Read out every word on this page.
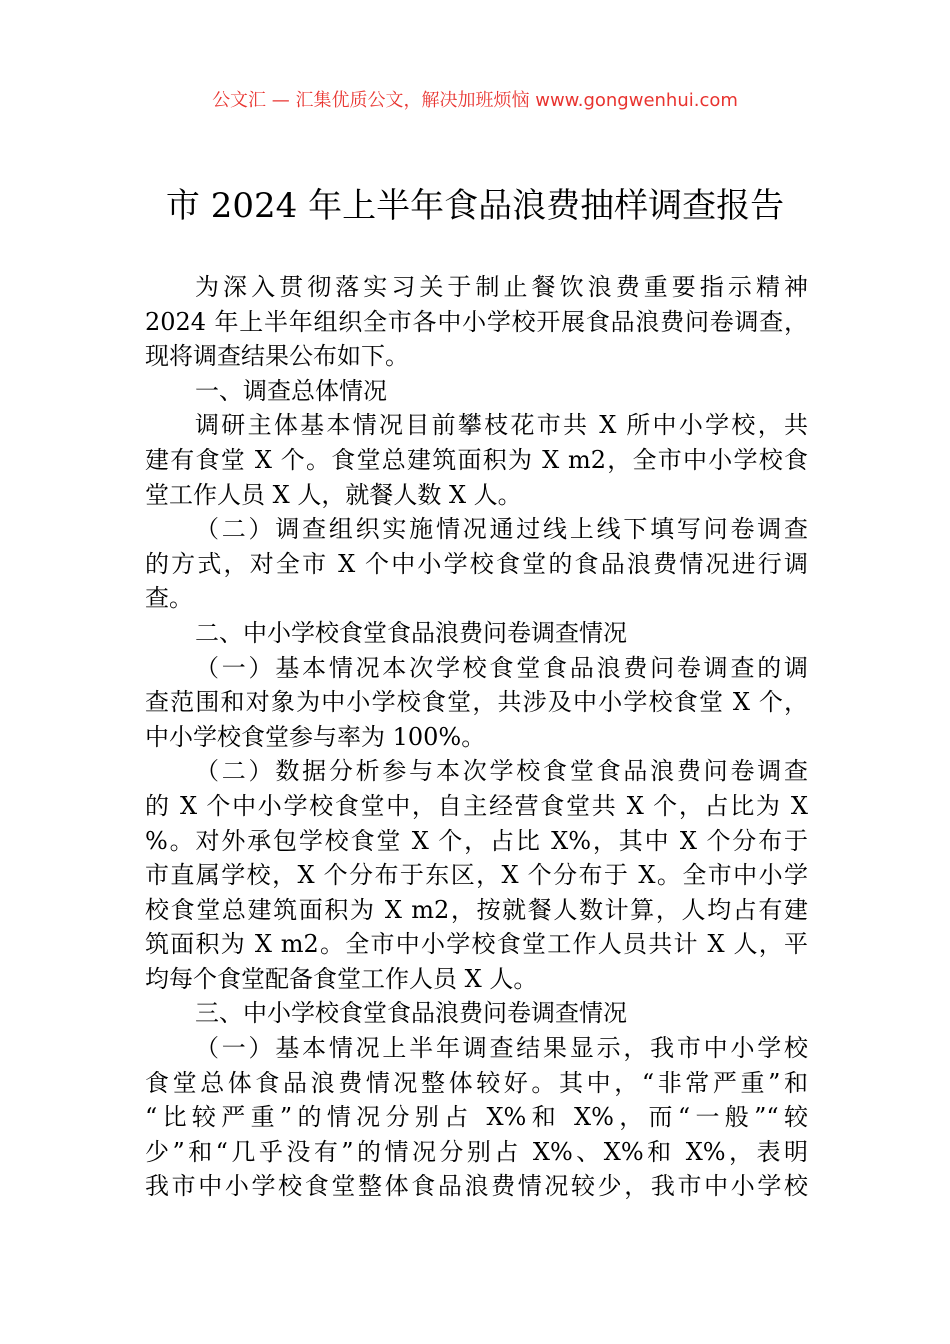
公文汇 — 汇集优质公文，解决加班烦恼 www.gongwenhui.com
市 2024 年上半年食品浪费抽样调查报告
为深入贯彻落实习关于制止餐饮浪费重要指示精神
2024 年上半年组织全市各中小学校开展食品浪费问卷调查，
现将调查结果公布如下。
一、调查总体情况
调研主体基本情况目前攀枝花市共 X 所中小学校，共
建有食堂 X 个。食堂总建筑面积为 X m2，全市中小学校食
堂工作人员 X 人，就餐人数 X 人。
（二）调查组织实施情况通过线上线下填写问卷调查
的方式，对全市 X 个中小学校食堂的食品浪费情况进行调
查。
二、中小学校食堂食品浪费问卷调查情况
（一）基本情况本次学校食堂食品浪费问卷调查的调
查范围和对象为中小学校食堂，共涉及中小学校食堂 X 个，
中小学校食堂参与率为 100%。
（二）数据分析参与本次学校食堂食品浪费问卷调查
的 X 个中小学校食堂中，自主经营食堂共 X 个，占比为 X
%。对外承包学校食堂 X 个，占比 X%，其中 X 个分布于
市直属学校，X 个分布于东区，X 个分布于 X。全市中小学
校食堂总建筑面积为 X m2，按就餐人数计算，人均占有建
筑面积为 X m2。全市中小学校食堂工作人员共计 X 人，平
均每个食堂配备食堂工作人员 X 人。
三、中小学校食堂食品浪费问卷调查情况
（一）基本情况上半年调查结果显示，我市中小学校
食堂总体食品浪费情况整体较好。其中，“非常严重”和
“比较严重”的情况分别占 X%和 X%，而“一般”“较
少”和“几乎没有”的情况分别占 X%、X%和 X%，表明
我市中小学校食堂整体食品浪费情况较少，我市中小学校
